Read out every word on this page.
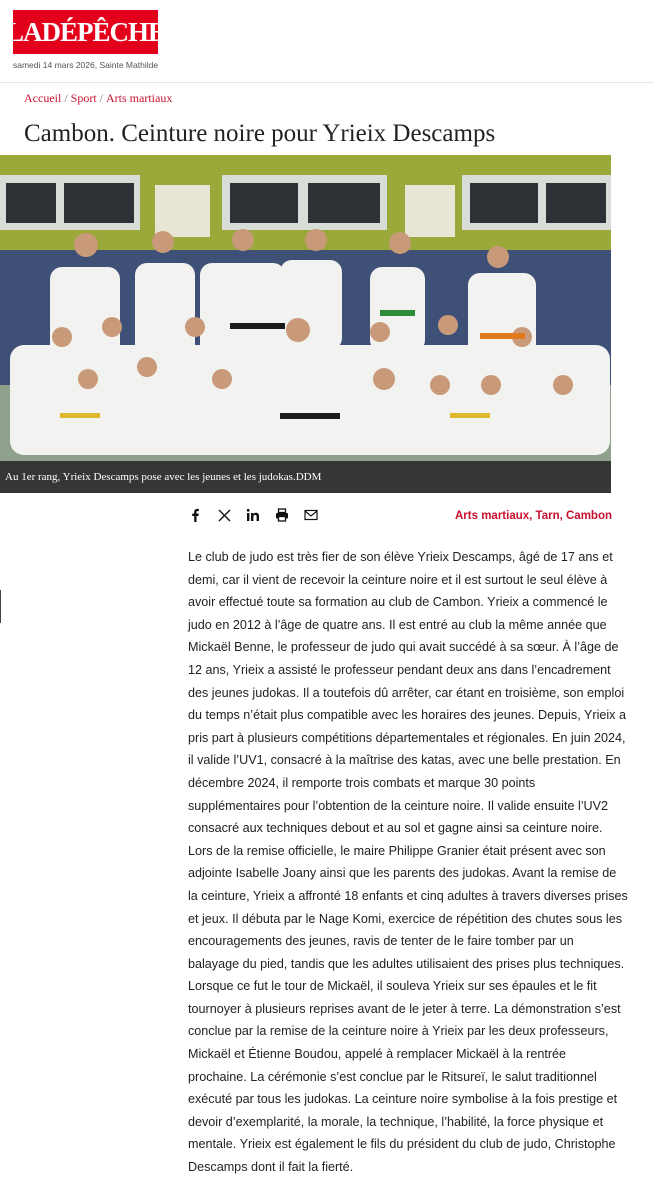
LADÉPÊCHE
samedi 14 mars 2026, Sainte Mathilde
Accueil / Sport / Arts martiaux
Cambon. Ceinture noire pour Yrieix Descamps
Au 1er rang, Yrieix Descamps pose avec les jeunes et les judokas.DDM
Arts martiaux, Tarn, Cambon

Le club de judo est très fier de son élève Yrieix Descamps, âgé de 17 ans et demi, car il vient de recevoir la ceinture noire et il est surtout le seul élève à avoir effectué toute sa formation au club de Cambon. Yrieix a commencé le judo en 2012 à l’âge de quatre ans. Il est entré au club la même année que Mickaël Benne, le professeur de judo qui avait succédé à sa sœur. À l’âge de 12 ans, Yrieix a assisté le professeur pendant deux ans dans l’encadrement des jeunes judokas. Il a toutefois dû arrêter, car étant en troisième, son emploi du temps n’était plus compatible avec les horaires des jeunes. Depuis, Yrieix a pris part à plusieurs compétitions départementales et régionales. En juin 2024, il valide l’UV1, consacré à la maîtrise des katas, avec une belle prestation. En décembre 2024, il remporte trois combats et marque 30 points supplémentaires pour l’obtention de la ceinture noire. Il valide ensuite l’UV2 consacré aux techniques debout et au sol et gagne ainsi sa ceinture noire. Lors de la remise officielle, le maire Philippe Granier était présent avec son adjointe Isabelle Joany ainsi que les parents des judokas. Avant la remise de la ceinture, Yrieix a affronté 18 enfants et cinq adultes à travers diverses prises et jeux. Il débuta par le Nage Komi, exercice de répétition des chutes sous les encouragements des jeunes, ravis de tenter de le faire tomber par un balayage du pied, tandis que les adultes utilisaient des prises plus techniques. Lorsque ce fut le tour de Mickaël, il souleva Yrieix sur ses épaules et le fit tournoyer à plusieurs reprises avant de le jeter à terre. La démonstration s’est conclue par la remise de la ceinture noire à Yrieix par les deux professeurs, Mickaël et Étienne Boudou, appelé à remplacer Mickaël à la rentrée prochaine. La cérémonie s’est conclue par le Ritsureï, le salut traditionnel exécuté par tous les judokas. La ceinture noire symbolise à la fois prestige et devoir d’exemplarité, la morale, la technique, l’habilité, la force physique et mentale. Yrieix est également le fils du président du club de judo, Christophe Descamps dont il fait la fierté.
